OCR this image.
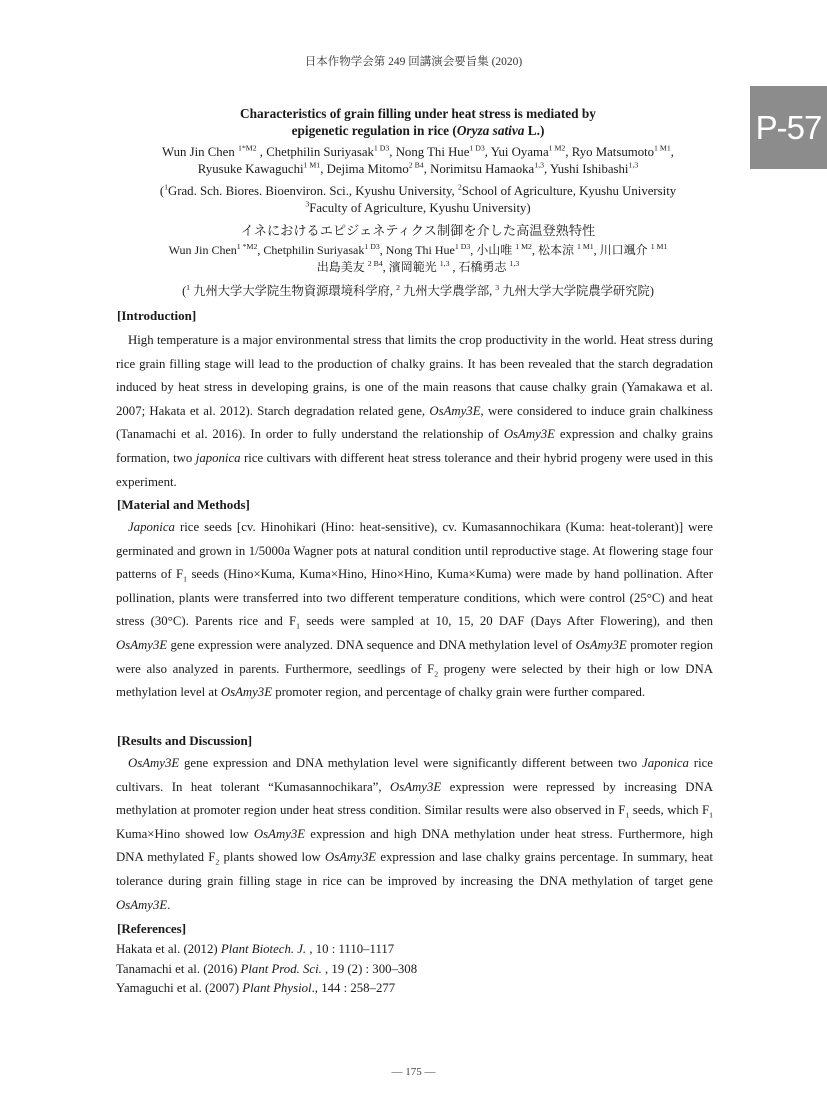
日本作物学会第 249 回講演会要旨集 (2020)
P-57
Characteristics of grain filling under heat stress is mediated by
epigenetic regulation in rice (Oryza sativa L.)
Wun Jin Chen $^{1*M2}$ , Chetphilin Suriyasak$^{1 D3}$, Nong Thi Hue$^{1 D3}$, Yui Oyama$^{1 M2}$, Ryo Matsumoto$^{1 M1}$,
Ryusuke Kawaguchi$^{1 M1}$, Dejima Mitomo$^{2 B4}$, Norimitsu Hamaoka$^{1,3}$, Yushi Ishibashi$^{1,3}$
($^1$Grad. Sch. Biores. Bioenviron. Sci., Kyushu University, $^2$School of Agriculture, Kyushu University
$^3$Faculty of Agriculture, Kyushu University)
イネにおけるエピジェネティクス制御を介した高温登熟特性
Wun Jin Chen$^{1 *M2}$, Chetphilin Suriyasak$^{1 D3}$, Nong Thi Hue$^{1 D3}$, 小山唯 $^{1 M2}$, 松本涼 $^{1 M1}$, 川口颯介 $^{1 M1}$
出島美友 $^{2 B4}$, 濱岡範光 $^{1,3}$ , 石橋勇志 $^{1,3}$
($^1$ 九州大学大学院生物資源環境科学府, $^2$ 九州大学農学部, $^3$ 九州大学大学院農学研究院)
[Introduction]

High temperature is a major environmental stress that limits the crop productivity in the world. Heat stress during rice grain filling stage will lead to the production of chalky grains. It has been revealed that the starch degradation induced by heat stress in developing grains, is one of the main reasons that cause chalky grain (Yamakawa et al. 2007; Hakata et al. 2012). Starch degradation related gene, OsAmy3E, were considered to induce grain chalkiness (Tanamachi et al. 2016). In order to fully understand the relationship of OsAmy3E expression and chalky grains formation, two japonica rice cultivars with different heat stress tolerance and their hybrid progeny were used in this experiment.

[Material and Methods]

Japonica rice seeds [cv. Hinohikari (Hino: heat-sensitive), cv. Kumasannochikara (Kuma: heat-tolerant)] were germinated and grown in 1/5000a Wagner pots at natural condition until reproductive stage. At flowering stage four patterns of $F_1$ seeds (Hino×Kuma, Kuma×Hino, Hino×Hino, Kuma×Kuma) were made by hand pollination. After pollination, plants were transferred into two different temperature conditions, which were control (25°C) and heat stress (30°C). Parents rice and $F_1$ seeds were sampled at 10, 15, 20 DAF (Days After Flowering), and then OsAmy3E gene expression were analyzed. DNA sequence and DNA methylation level of OsAmy3E promoter region were also analyzed in parents. Furthermore, seedlings of $F_2$ progeny were selected by their high or low DNA methylation level at OsAmy3E promoter region, and percentage of chalky grain were further compared.

[Results and Discussion]

OsAmy3E gene expression and DNA methylation level were significantly different between two Japonica rice cultivars. In heat tolerant “Kumasannochikara”, OsAmy3E expression were repressed by increasing DNA methylation at promoter region under heat stress condition. Similar results were also observed in $F_1$ seeds, which $F_1$ Kuma×Hino showed low OsAmy3E expression and high DNA methylation under heat stress. Furthermore, high DNA methylated $F_2$ plants showed low OsAmy3E expression and lase chalky grains percentage. In summary, heat tolerance during grain filling stage in rice can be improved by increasing the DNA methylation of target gene OsAmy3E.

[References]
Hakata et al. (2012) Plant Biotech. J. , 10 : 1110–1117
Tanamachi et al. (2016) Plant Prod. Sci. , 19 (2) : 300–308
Yamaguchi et al. (2007) Plant Physiol., 144 : 258–277
― 175 ―
